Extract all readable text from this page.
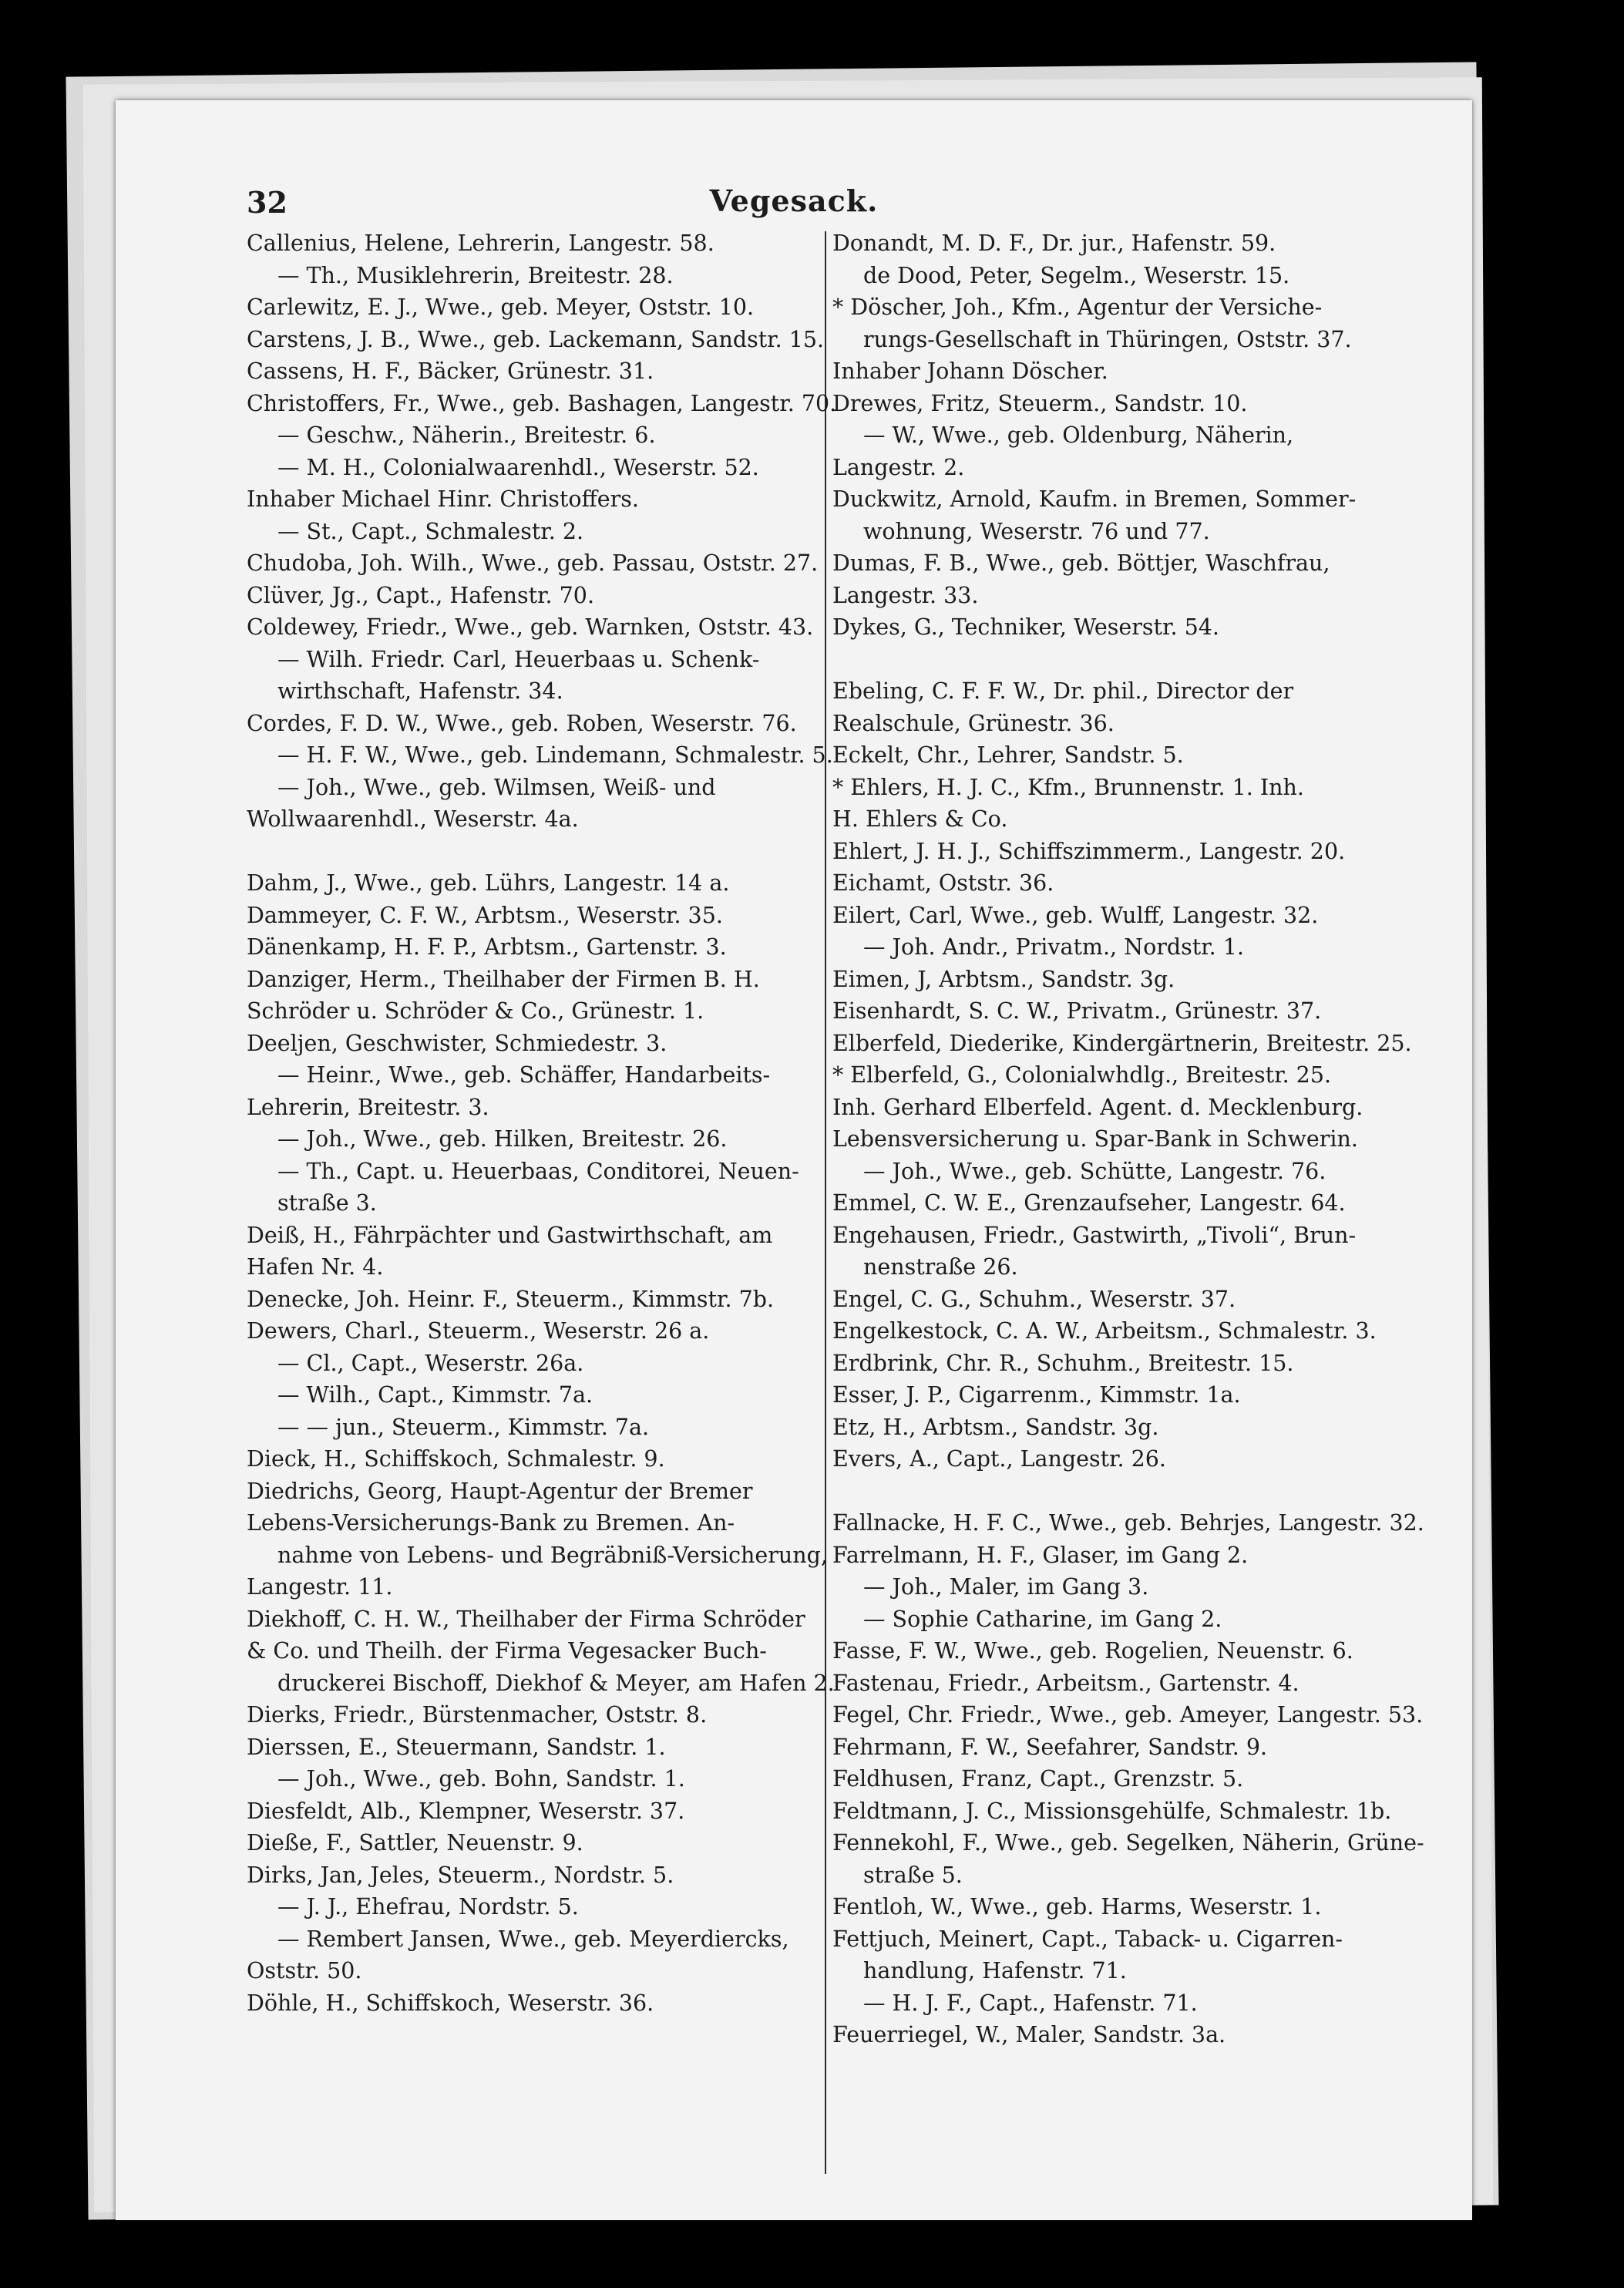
32	Vegesack.
Callenius, Helene, Lehrerin, Langestr. 58.
— Th., Musiklehrerin, Breitestr. 28.
Carlewitz, E. J., Wwe., geb. Meyer, Oststr. 10.
Carstens, J. B., Wwe., geb. Lackemann, Sandstr. 15.
Cassens, H. F., Bäcker, Grünestr. 31.
Christoffers, Fr., Wwe., geb. Bashagen, Langestr. 70.
— Geschw., Näherin., Breitestr. 6.
— M. H., Colonialwaarenhdl., Weserstr. 52.
Inhaber Michael Hinr. Christoffers.
— St., Capt., Schmalestr. 2.
Chudoba, Joh. Wilh., Wwe., geb. Passau, Oststr. 27.
Clüver, Jg., Capt., Hafenstr. 70.
Coldewey, Friedr., Wwe., geb. Warnken, Oststr. 43.
— Wilh. Friedr. Carl, Heuerbaas u. Schenk-
wirthschaft, Hafenstr. 34.
Cordes, F. D. W., Wwe., geb. Roben, Weserstr. 76.
— H. F. W., Wwe., geb. Lindemann, Schmalestr. 5.
— Joh., Wwe., geb. Wilmsen, Weiß- und
Wollwaarenhdl., Weserstr. 4a.
Dahm, J., Wwe., geb. Lührs, Langestr. 14 a.
Dammeyer, C. F. W., Arbtsm., Weserstr. 35.
Dänenkamp, H. F. P., Arbtsm., Gartenstr. 3.
Danziger, Herm., Theilhaber der Firmen B. H.
Schröder u. Schröder & Co., Grünestr. 1.
Deeljen, Geschwister, Schmiedestr. 3.
— Heinr., Wwe., geb. Schäffer, Handarbeits-
Lehrerin, Breitestr. 3.
— Joh., Wwe., geb. Hilken, Breitestr. 26.
— Th., Capt. u. Heuerbaas, Conditorei, Neuen-
straße 3.
Deiß, H., Fährpächter und Gastwirthschaft, am
Hafen Nr. 4.
Denecke, Joh. Heinr. F., Steuerm., Kimmstr. 7b.
Dewers, Charl., Steuerm., Weserstr. 26 a.
— Cl., Capt., Weserstr. 26a.
— Wilh., Capt., Kimmstr. 7a.
— — jun., Steuerm., Kimmstr. 7a.
Dieck, H., Schiffskoch, Schmalestr. 9.
Diedrichs, Georg, Haupt-Agentur der Bremer
Lebens-Versicherungs-Bank zu Bremen. An-
nahme von Lebens- und Begräbniß-Versicherung,
Langestr. 11.
Diekhoff, C. H. W., Theilhaber der Firma Schröder
& Co. und Theilh. der Firma Vegesacker Buch-
druckerei Bischoff, Diekhof & Meyer, am Hafen 2.
Dierks, Friedr., Bürstenmacher, Oststr. 8.
Dierssen, E., Steuermann, Sandstr. 1.
— Joh., Wwe., geb. Bohn, Sandstr. 1.
Diesfeldt, Alb., Klempner, Weserstr. 37.
Dieße, F., Sattler, Neuenstr. 9.
Dirks, Jan, Jeles, Steuerm., Nordstr. 5.
— J. J., Ehefrau, Nordstr. 5.
— Rembert Jansen, Wwe., geb. Meyerdiercks,
Oststr. 50.
Döhle, H., Schiffskoch, Weserstr. 36.
Donandt, M. D. F., Dr. jur., Hafenstr. 59.
de Dood, Peter, Segelm., Weserstr. 15.
* Döscher, Joh., Kfm., Agentur der Versiche-
rungs-Gesellschaft in Thüringen, Oststr. 37.
Inhaber Johann Döscher.
Drewes, Fritz, Steuerm., Sandstr. 10.
— W., Wwe., geb. Oldenburg, Näherin,
Langestr. 2.
Duckwitz, Arnold, Kaufm. in Bremen, Sommer-
wohnung, Weserstr. 76 und 77.
Dumas, F. B., Wwe., geb. Böttjer, Waschfrau,
Langestr. 33.
Dykes, G., Techniker, Weserstr. 54.
Ebeling, C. F. F. W., Dr. phil., Director der
Realschule, Grünestr. 36.
Eckelt, Chr., Lehrer, Sandstr. 5.
* Ehlers, H. J. C., Kfm., Brunnenstr. 1. Inh.
H. Ehlers & Co.
Ehlert, J. H. J., Schiffszimmerm., Langestr. 20.
Eichamt, Oststr. 36.
Eilert, Carl, Wwe., geb. Wulff, Langestr. 32.
— Joh. Andr., Privatm., Nordstr. 1.
Eimen, J, Arbtsm., Sandstr. 3g.
Eisenhardt, S. C. W., Privatm., Grünestr. 37.
Elberfeld, Diederike, Kindergärtnerin, Breitestr. 25.
* Elberfeld, G., Colonialwhdlg., Breitestr. 25.
Inh. Gerhard Elberfeld. Agent. d. Mecklenburg.
Lebensversicherung u. Spar-Bank in Schwerin.
— Joh., Wwe., geb. Schütte, Langestr. 76.
Emmel, C. W. E., Grenzaufseher, Langestr. 64.
Engehausen, Friedr., Gastwirth, „Tivoli“, Brun-
nenstraße 26.
Engel, C. G., Schuhm., Weserstr. 37.
Engelkestock, C. A. W., Arbeitsm., Schmalestr. 3.
Erdbrink, Chr. R., Schuhm., Breitestr. 15.
Esser, J. P., Cigarrenm., Kimmstr. 1a.
Etz, H., Arbtsm., Sandstr. 3g.
Evers, A., Capt., Langestr. 26.
Fallnacke, H. F. C., Wwe., geb. Behrjes, Langestr. 32.
Farrelmann, H. F., Glaser, im Gang 2.
— Joh., Maler, im Gang 3.
— Sophie Catharine, im Gang 2.
Fasse, F. W., Wwe., geb. Rogelien, Neuenstr. 6.
Fastenau, Friedr., Arbeitsm., Gartenstr. 4.
Fegel, Chr. Friedr., Wwe., geb. Ameyer, Langestr. 53.
Fehrmann, F. W., Seefahrer, Sandstr. 9.
Feldhusen, Franz, Capt., Grenzstr. 5.
Feldtmann, J. C., Missionsgehülfe, Schmalestr. 1b.
Fennekohl, F., Wwe., geb. Segelken, Näherin, Grüne-
straße 5.
Fentloh, W., Wwe., geb. Harms, Weserstr. 1.
Fettjuch, Meinert, Capt., Taback- u. Cigarren-
handlung, Hafenstr. 71.
— H. J. F., Capt., Hafenstr. 71.
Feuerriegel, W., Maler, Sandstr. 3a.
